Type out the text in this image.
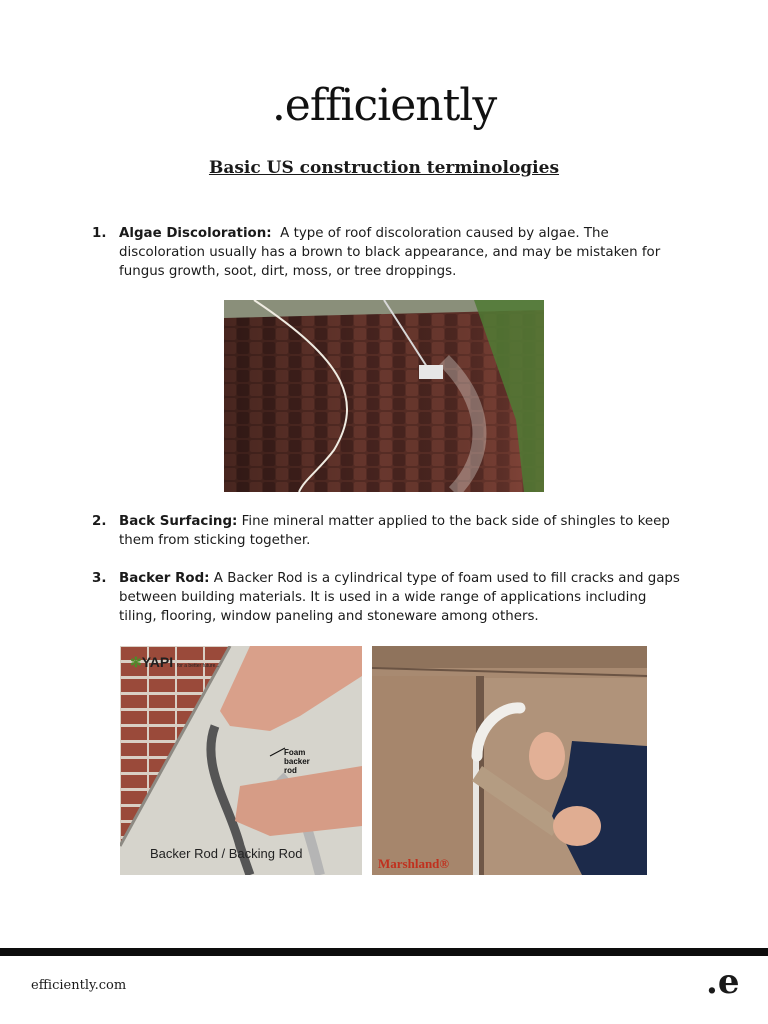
.efficiently
Basic US construction terminologies
1. Algae Discoloration: A type of roof discoloration caused by algae. The discoloration usually has a brown to black appearance, and may be mistaken for fungus growth, soot, dirt, moss, or tree droppings.
2. Back Surfacing: Fine mineral matter applied to the back side of shingles to keep them from sticking together.
3. Backer Rod: A Backer Rod is a cylindrical type of foam used to fill cracks and gaps between building materials. It is used in a wide range of applications including tiling, flooring, window paneling and stoneware among others.
✻YAPI for a better future...
Foam backer rod
Backer Rod / Backing Rod
Marshland®
efficiently.com	.e
